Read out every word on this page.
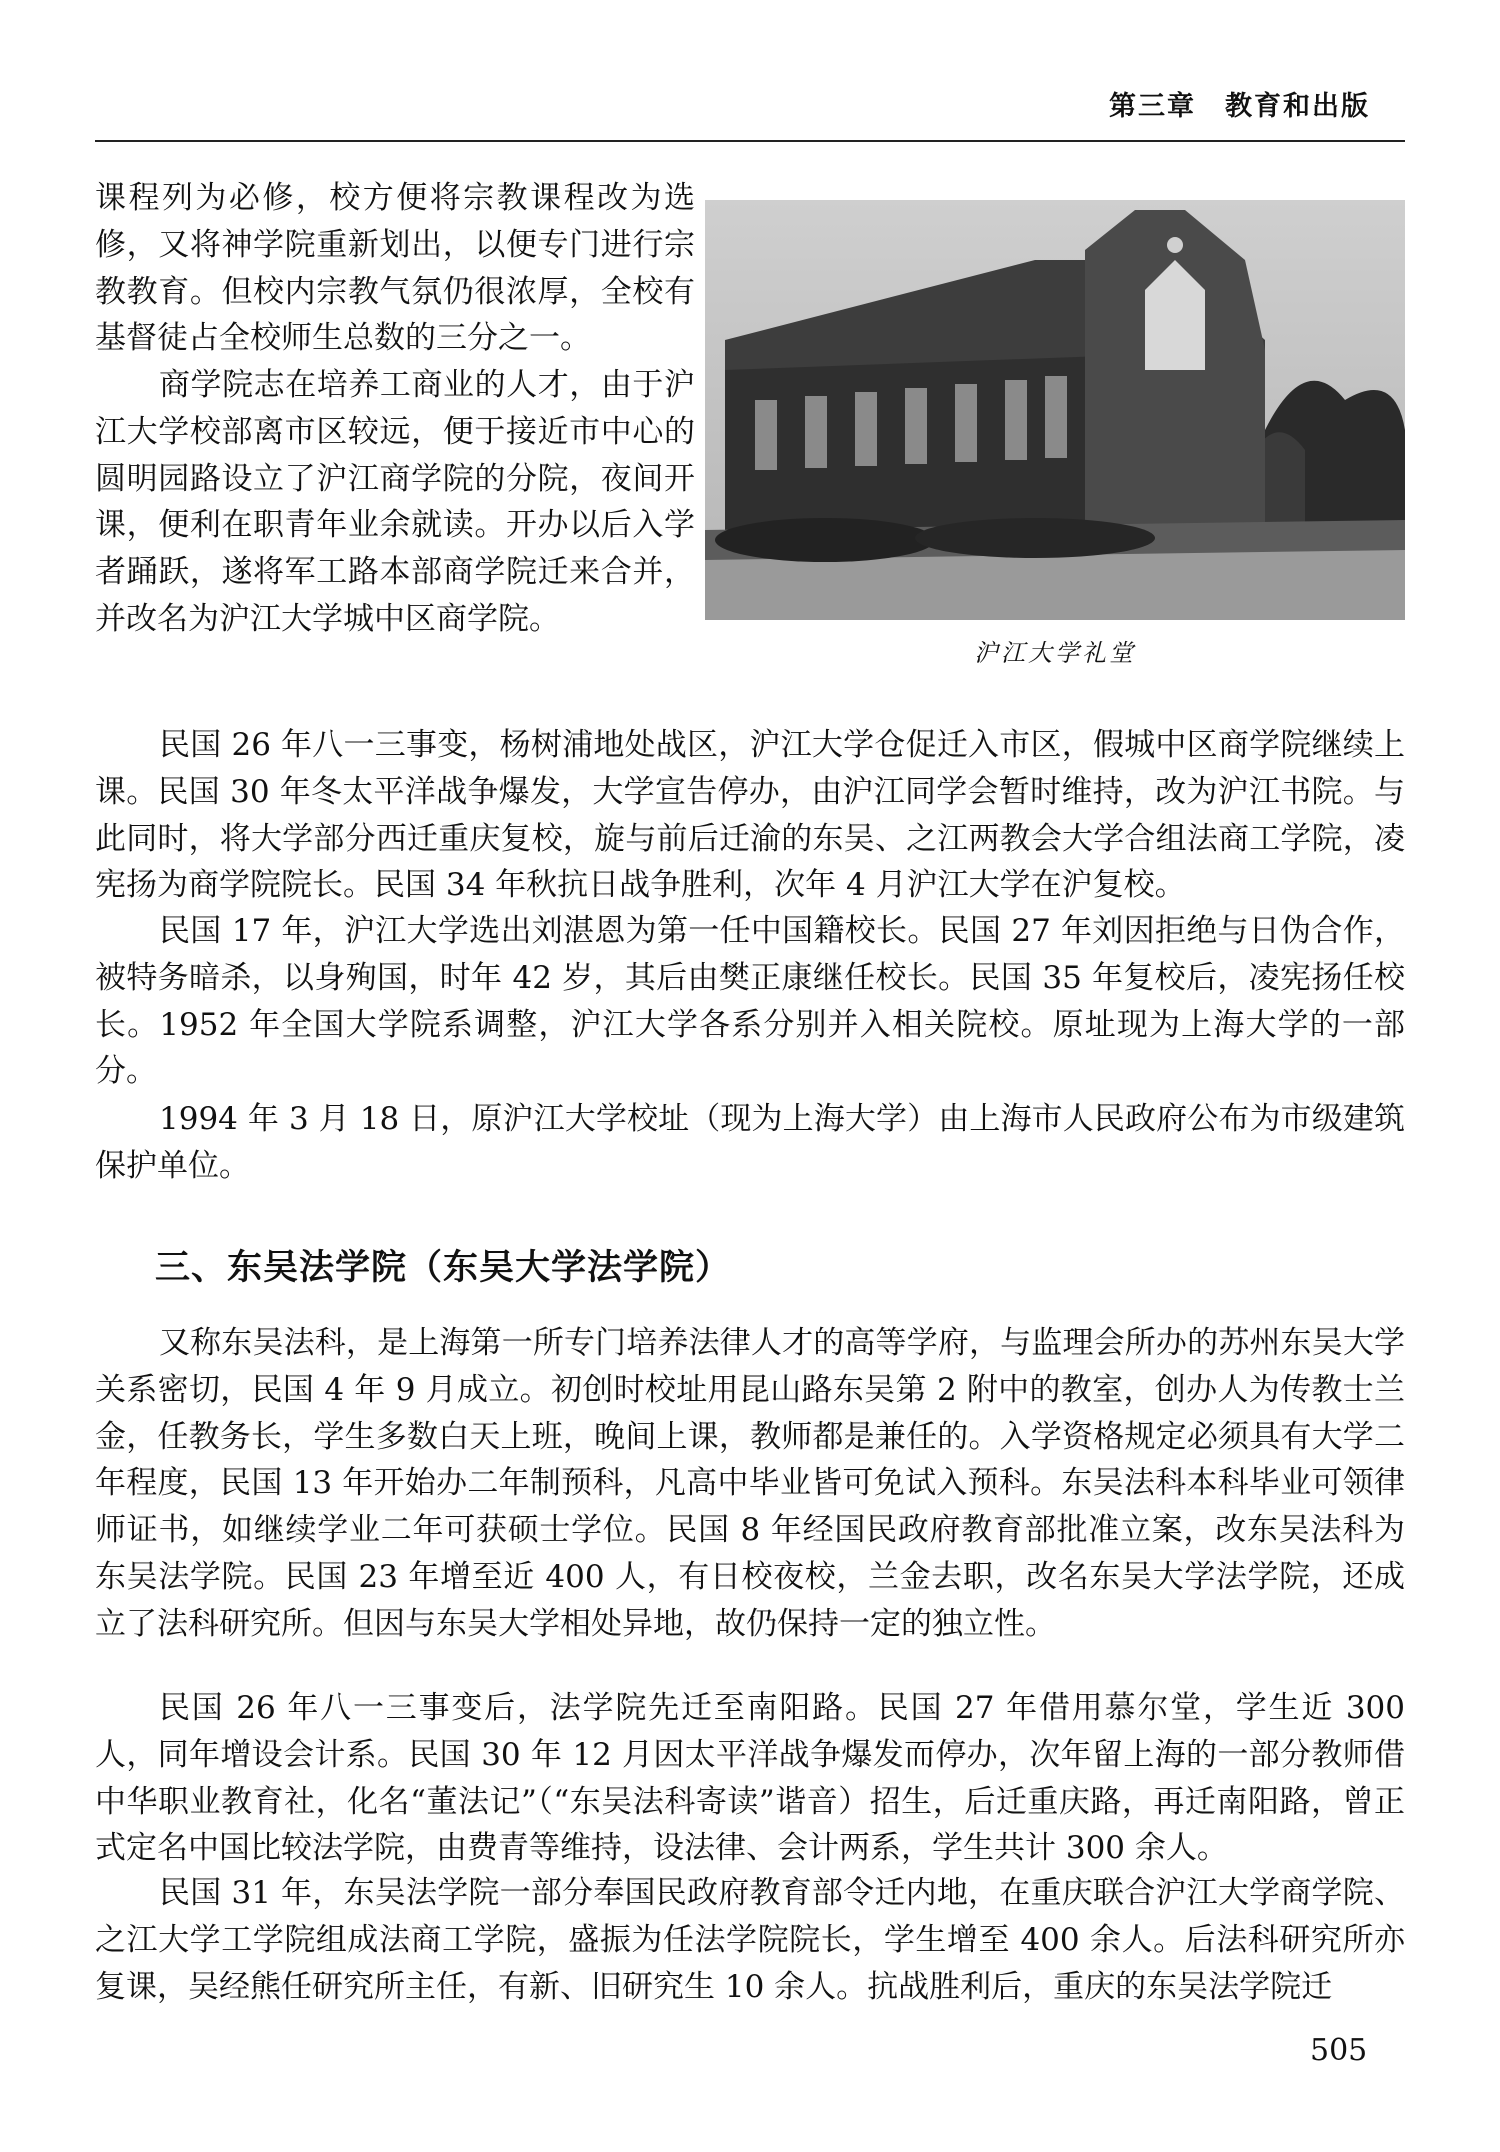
第三章　教育和出版

课程列为必修，校方便将宗教课程改为选修，又将神学院重新划出，以便专门进行宗教教育。但校内宗教气氛仍很浓厚，全校有基督徒占全校师生总数的三分之一。

商学院志在培养工商业的人才，由于沪江大学校部离市区较远，便于接近市中心的圆明园路设立了沪江商学院的分院，夜间开课，便利在职青年业余就读。开办以后入学者踊跃，遂将军工路本部商学院迁来合并，并改名为沪江大学城中区商学院。

沪江大学礼堂

民国 26 年八一三事变，杨树浦地处战区，沪江大学仓促迁入市区，假城中区商学院继续上课。民国 30 年冬太平洋战争爆发，大学宣告停办，由沪江同学会暂时维持，改为沪江书院。与此同时，将大学部分西迁重庆复校，旋与前后迁渝的东吴、之江两教会大学合组法商工学院，凌宪扬为商学院院长。民国 34 年秋抗日战争胜利，次年 4 月沪江大学在沪复校。

民国 17 年，沪江大学选出刘湛恩为第一任中国籍校长。民国 27 年刘因拒绝与日伪合作，被特务暗杀，以身殉国，时年 42 岁，其后由樊正康继任校长。民国 35 年复校后，凌宪扬任校长。1952 年全国大学院系调整，沪江大学各系分别并入相关院校。原址现为上海大学的一部分。

1994 年 3 月 18 日，原沪江大学校址（现为上海大学）由上海市人民政府公布为市级建筑保护单位。

三、东吴法学院（东吴大学法学院）

又称东吴法科，是上海第一所专门培养法律人才的高等学府，与监理会所办的苏州东吴大学关系密切，民国 4 年 9 月成立。初创时校址用昆山路东吴第 2 附中的教室，创办人为传教士兰金，任教务长，学生多数白天上班，晚间上课，教师都是兼任的。入学资格规定必须具有大学二年程度，民国 13 年开始办二年制预科，凡高中毕业皆可免试入预科。东吴法科本科毕业可领律师证书，如继续学业二年可获硕士学位。民国 8 年经国民政府教育部批准立案，改东吴法科为东吴法学院。民国 23 年增至近 400 人，有日校夜校，兰金去职，改名东吴大学法学院，还成立了法科研究所。但因与东吴大学相处异地，故仍保持一定的独立性。

民国 26 年八一三事变后，法学院先迁至南阳路。民国 27 年借用慕尔堂，学生近 300 人，同年增设会计系。民国 30 年 12 月因太平洋战争爆发而停办，次年留上海的一部分教师借中华职业教育社，化名“董法记”（“东吴法科寄读”谐音）招生，后迁重庆路，再迁南阳路，曾正式定名中国比较法学院，由费青等维持，设法律、会计两系，学生共计 300 余人。

民国 31 年，东吴法学院一部分奉国民政府教育部令迁内地，在重庆联合沪江大学商学院、之江大学工学院组成法商工学院，盛振为任法学院院长，学生增至 400 余人。后法科研究所亦复课，吴经熊任研究所主任，有新、旧研究生 10 余人。抗战胜利后，重庆的东吴法学院迁

505
